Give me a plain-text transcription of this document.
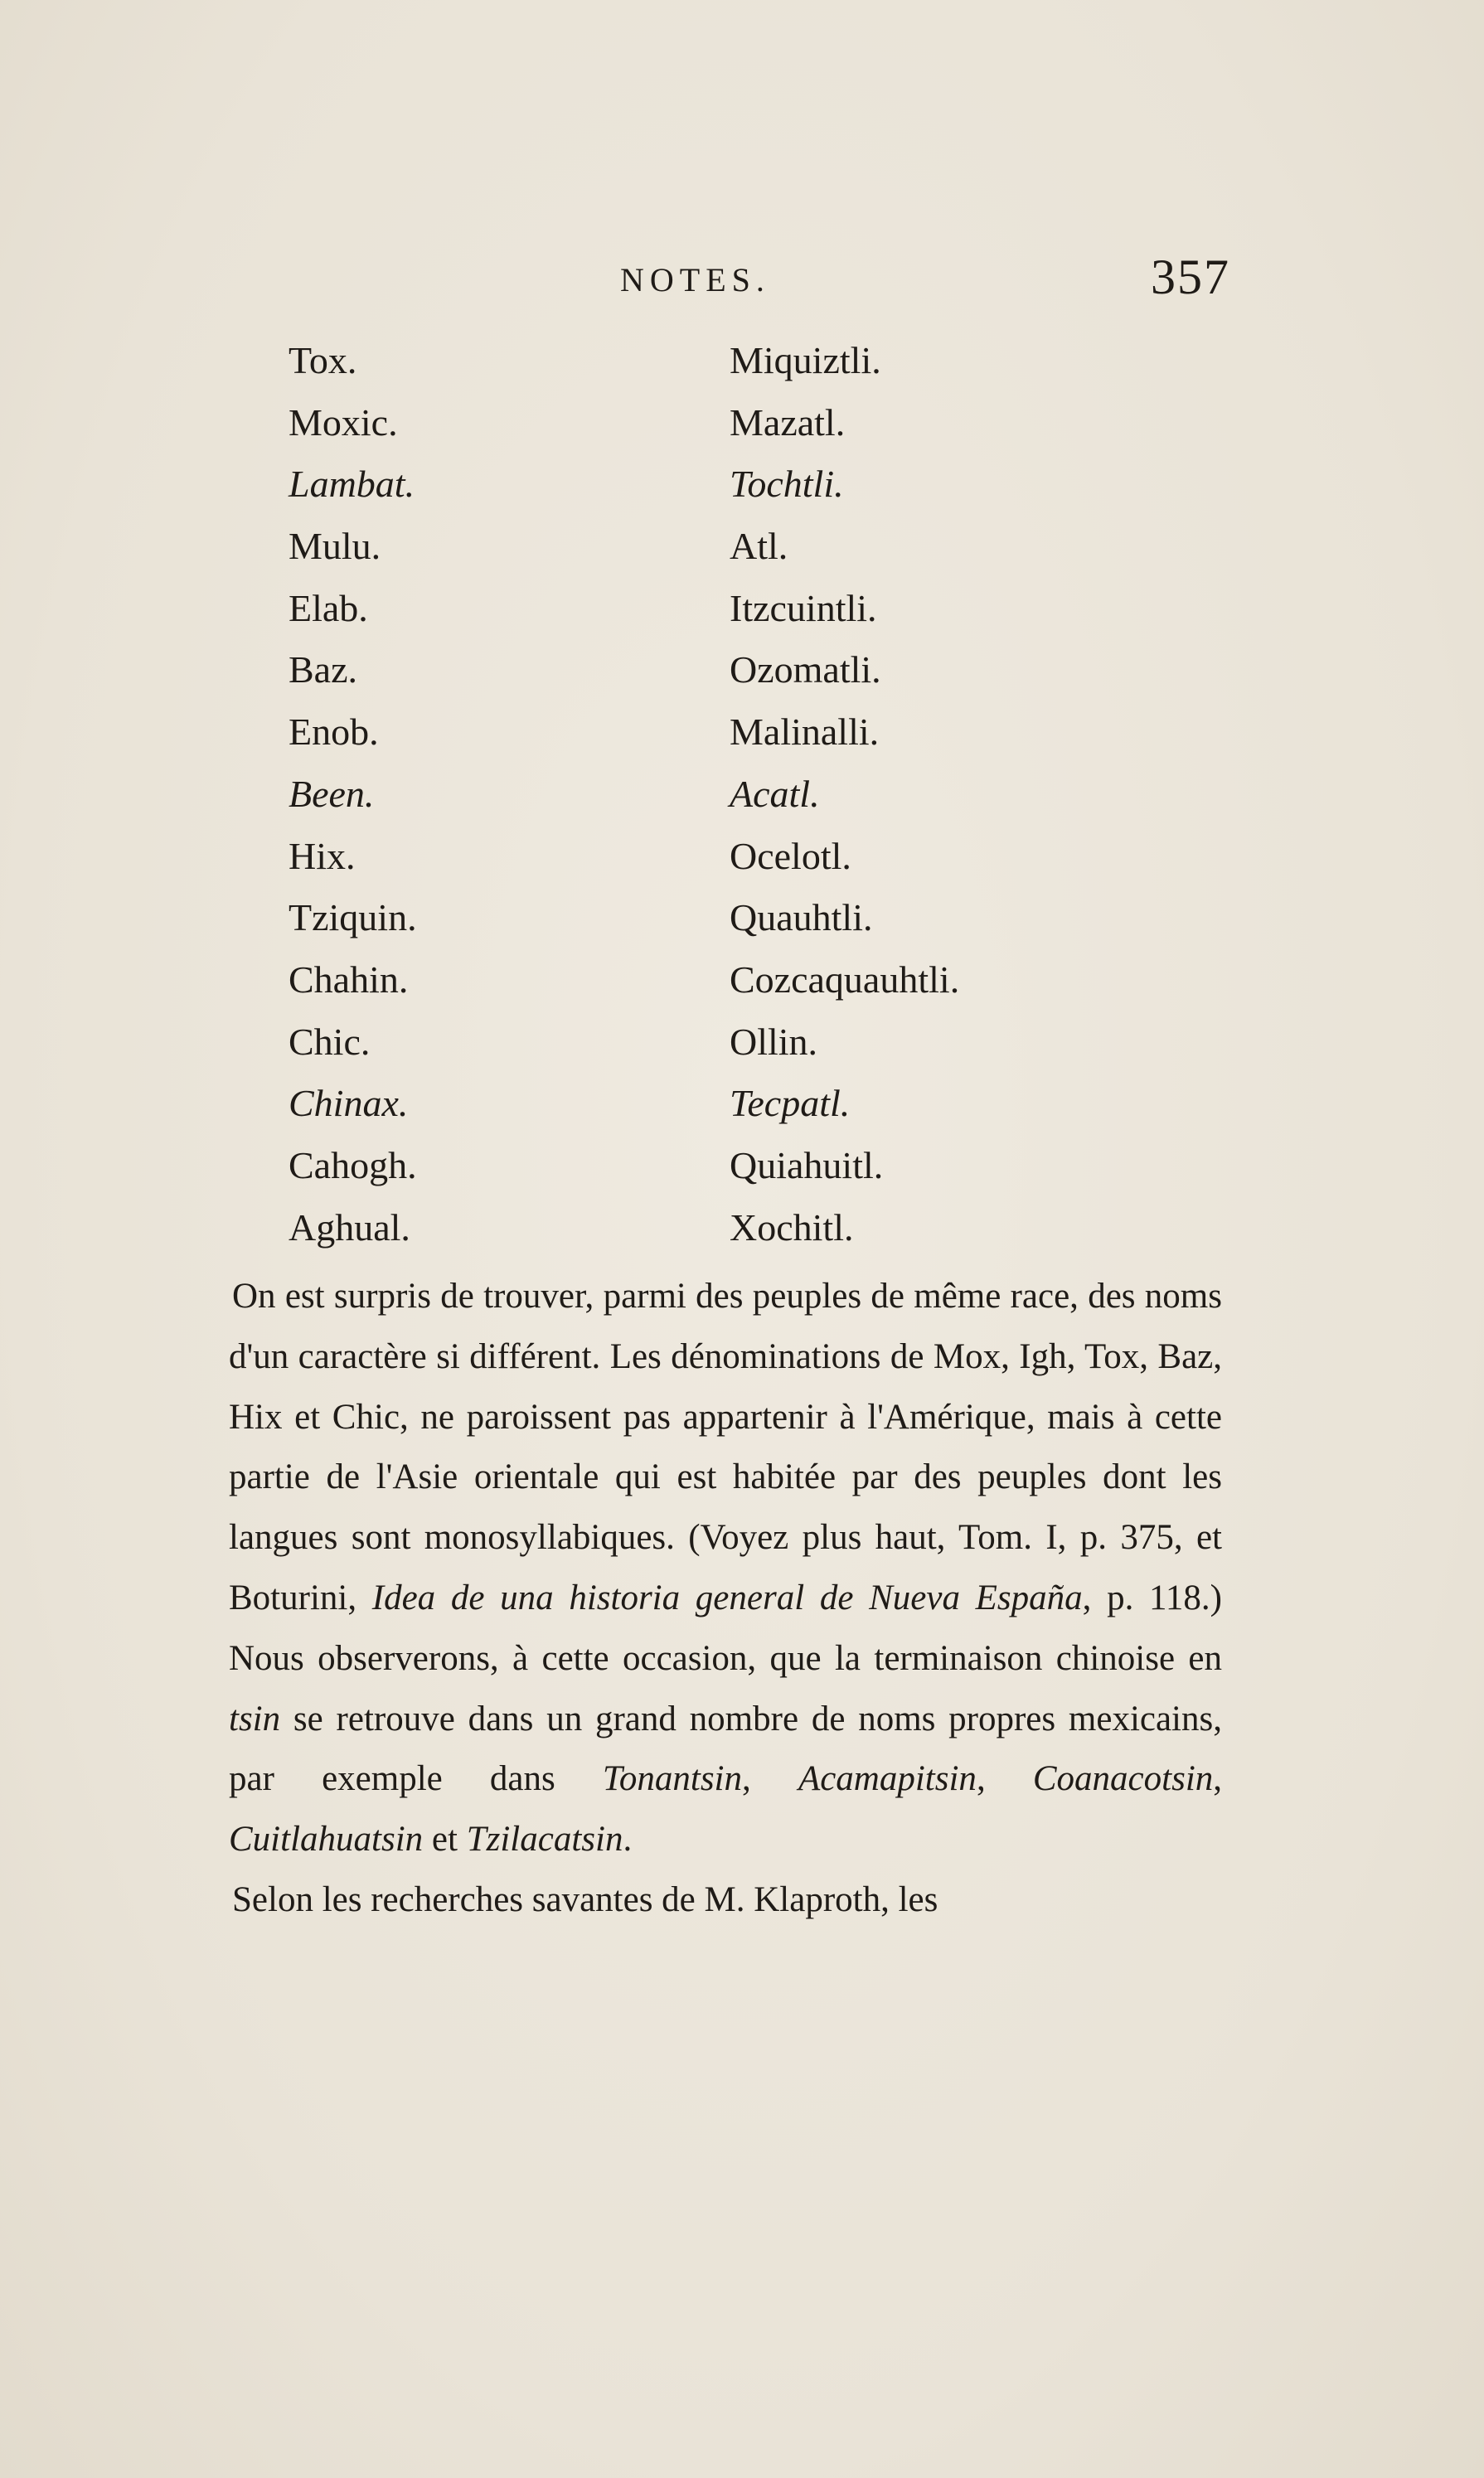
NOTES.	357
Tox.	Miquiztli.
Moxic.	Mazatl.
Lambat.	Tochtli.
Mulu.	Atl.
Elab.	Itzcuintli.
Baz.	Ozomatli.
Enob.	Malinalli.
Been.	Acatl.
Hix.	Ocelotl.
Tziquin.	Quauhtli.
Chahin.	Cozcaquauhtli.
Chic.	Ollin.
Chinax.	Tecpatl.
Cahogh.	Quiahuitl.
Aghual.	Xochitl.

On est surpris de trouver, parmi des peuples de même race, des noms d'un caractère si différent. Les dénominations de Mox, Igh, Tox, Baz, Hix et Chic, ne paroissent pas appartenir à l'Amérique, mais à cette partie de l'Asie orientale qui est habitée par des peuples dont les langues sont monosyllabiques. (Voyez plus haut, Tom. I, p. 375, et Boturini, Idea de una historia general de Nueva España, p. 118.) Nous observerons, à cette occasion, que la terminaison chinoise en tsin se retrouve dans un grand nombre de noms propres mexicains, par exemple dans Tonantsin, Acamapitsin, Coanacotsin, Cuitlahuatsin et Tzilacatsin.

Selon les recherches savantes de M. Klaproth, les
